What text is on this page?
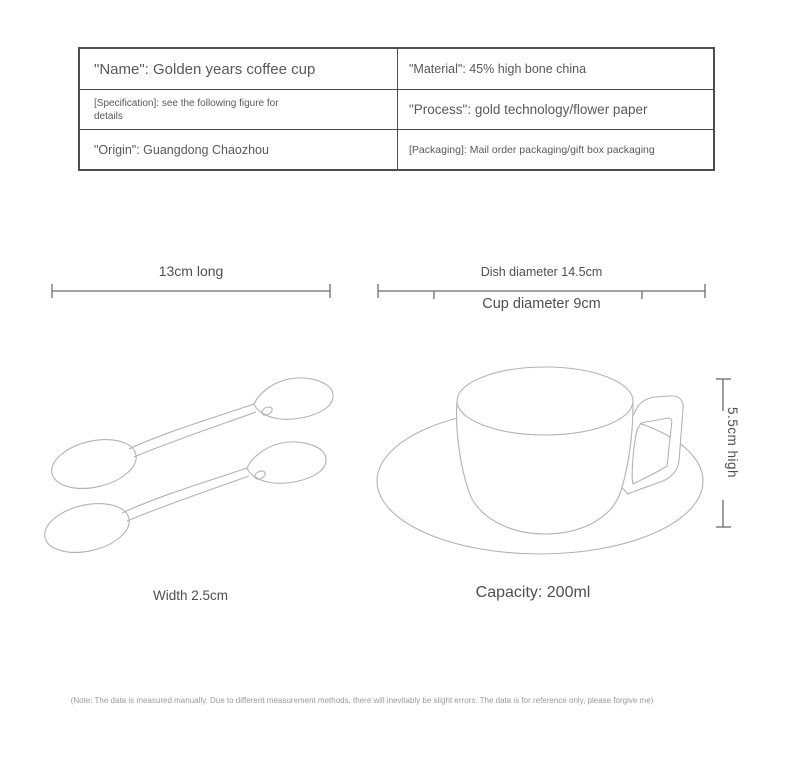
"Name": Golden years coffee cup	"Material": 45% high bone china
[Specification]: see the following figure for details	"Process": gold technology/flower paper
"Origin": Guangdong Chaozhou	[Packaging]: Mail order packaging/gift box packaging
13cm long	Dish diameter 14.5cm
Cup diameter 9cm
5.5cm high
Width 2.5cm	Capacity: 200ml
(Note: The data is measured manually. Due to different measurement methods, there will inevitably be slight errors. The data is for reference only, please forgive me)
